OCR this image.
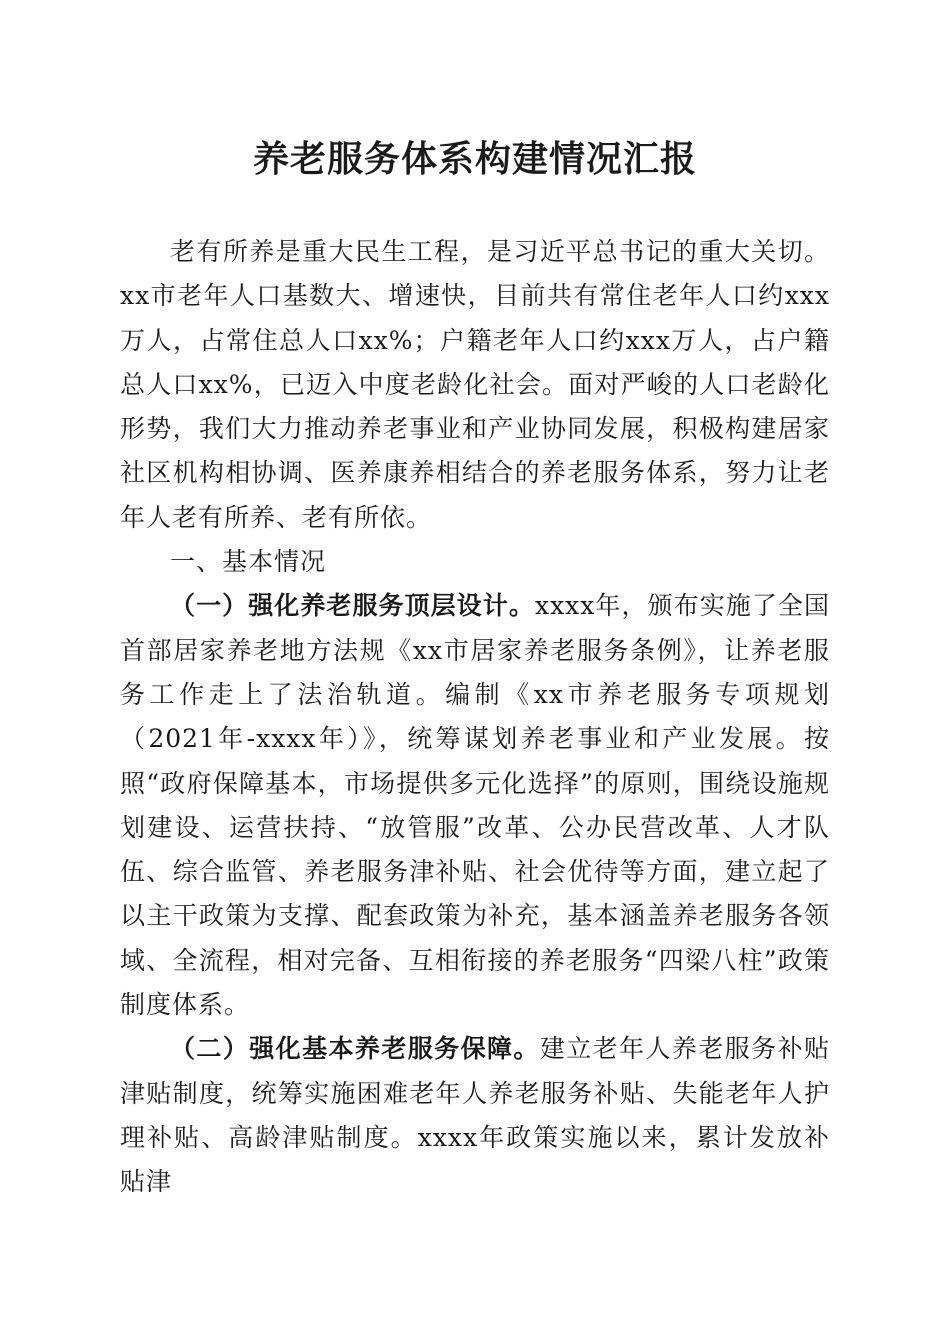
养老服务体系构建情况汇报

老有所养是重大民生工程，是习近平总书记的重大关切。xx市老年人口基数大、增速快，目前共有常住老年人口约xxx万人，占常住总人口xx%；户籍老年人口约xxx万人，占户籍总人口xx%，已迈入中度老龄化社会。面对严峻的人口老龄化形势，我们大力推动养老事业和产业协同发展，积极构建居家社区机构相协调、医养康养相结合的养老服务体系，努力让老年人老有所养、老有所依。

一、基本情况

（一）强化养老服务顶层设计。xxxx年，颁布实施了全国首部居家养老地方法规《xx市居家养老服务条例》，让养老服务工作走上了法治轨道。编制《xx市养老服务专项规划（2021年-xxxx年）》，统筹谋划养老事业和产业发展。按照“政府保障基本，市场提供多元化选择”的原则，围绕设施规划建设、运营扶持、“放管服”改革、公办民营改革、人才队伍、综合监管、养老服务津补贴、社会优待等方面，建立起了以主干政策为支撑、配套政策为补充，基本涵盖养老服务各领域、全流程，相对完备、互相衔接的养老服务“四梁八柱”政策制度体系。

（二）强化基本养老服务保障。建立老年人养老服务补贴津贴制度，统筹实施困难老年人养老服务补贴、失能老年人护理补贴、高龄津贴制度。xxxx年政策实施以来，累计发放补贴津
